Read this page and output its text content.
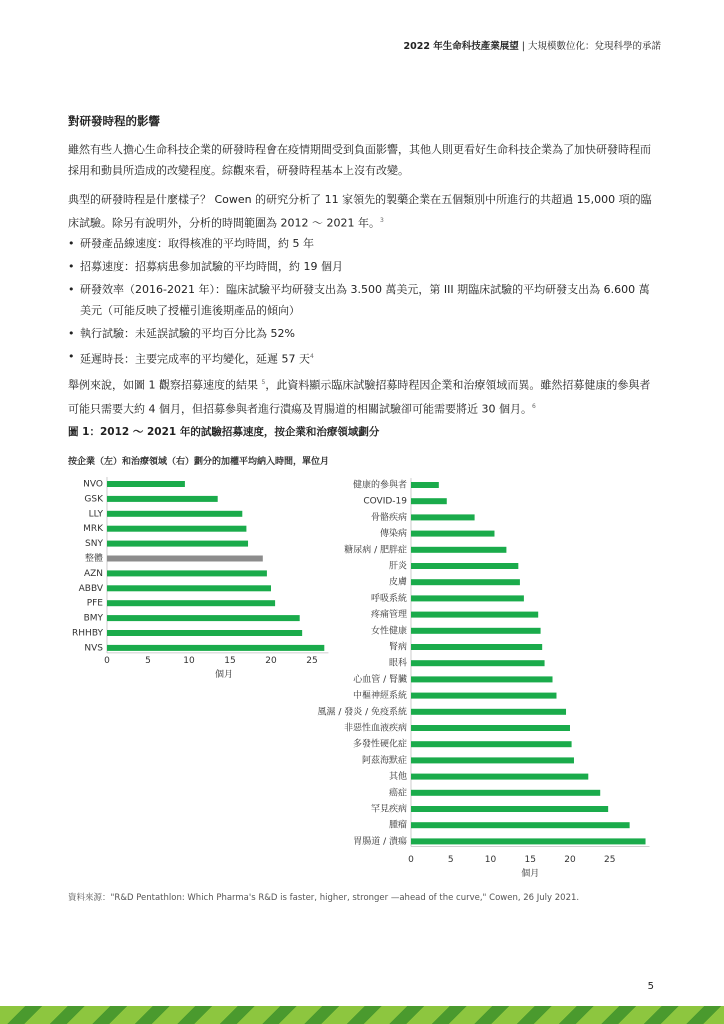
2022 年生命科技產業展望 | 大規模數位化：兌現科學的承諾
對研發時程的影響
雖然有些人擔心生命科技企業的研發時程會在疫情期間受到負面影響，其他人則更看好生命科技企業為了加快研發時程而採用和動員所造成的改變程度。綜觀來看，研發時程基本上沒有改變。
典型的研發時程是什麼樣子？ Cowen 的研究分析了 11 家領先的製藥企業在五個類別中所進行的共超過 15,000 項的臨床試驗。除另有說明外，分析的時間範圍為 2012 ～ 2021 年。$^3$
• 研發產品線速度：取得核准的平均時間，約 5 年
• 招募速度：招募病患參加試驗的平均時間，約 19 個月
• 研發效率（2016-2021 年）：臨床試驗平均研發支出為 3.500 萬美元，第 III 期臨床試驗的平均研發支出為 6.600 萬美元（可能反映了授權引進後期產品的傾向）
• 執行試驗：未延誤試驗的平均百分比為 52%
• 延遲時長：主要完成率的平均變化，延遲 57 天$^4$
舉例來說，如圖 1 觀察招募速度的結果 $^5$，此資料顯示臨床試驗招募時程因企業和治療領域而異。雖然招募健康的參與者可能只需要大約 4 個月，但招募參與者進行潰瘍及胃腸道的相關試驗卻可能需要將近 30 個月。$^6$
圖 1：2012 ～ 2021 年的試驗招募速度，按企業和治療領域劃分
按企業（左）和治療領域（右）劃分的加權平均納入時間，單位月
NVO
GSK
LLY
MRK
SNY
整體
AZN
ABBV
PFE
BMY
RHHBY
NVS
0	5	10	15	20	25
個月
健康的參與者
COVID-19
骨骼疾病
傳染病
糖尿病 / 肥胖症
肝炎
皮膚
呼吸系統
疼痛管理
女性健康
腎病
眼科
心血管 / 腎臟
中樞神經系統
風濕 / 發炎 / 免疫系統
非惡性血液疾病
多發性硬化症
阿茲海默症
其他
癌症
罕見疾病
腫瘤
胃腸道 / 潰瘍
0	5	10	15	20	25
個月
資料來源："R&D Pentathlon: Which Pharma's R&D is faster, higher, stronger —ahead of the curve," Cowen, 26 July 2021.
5
